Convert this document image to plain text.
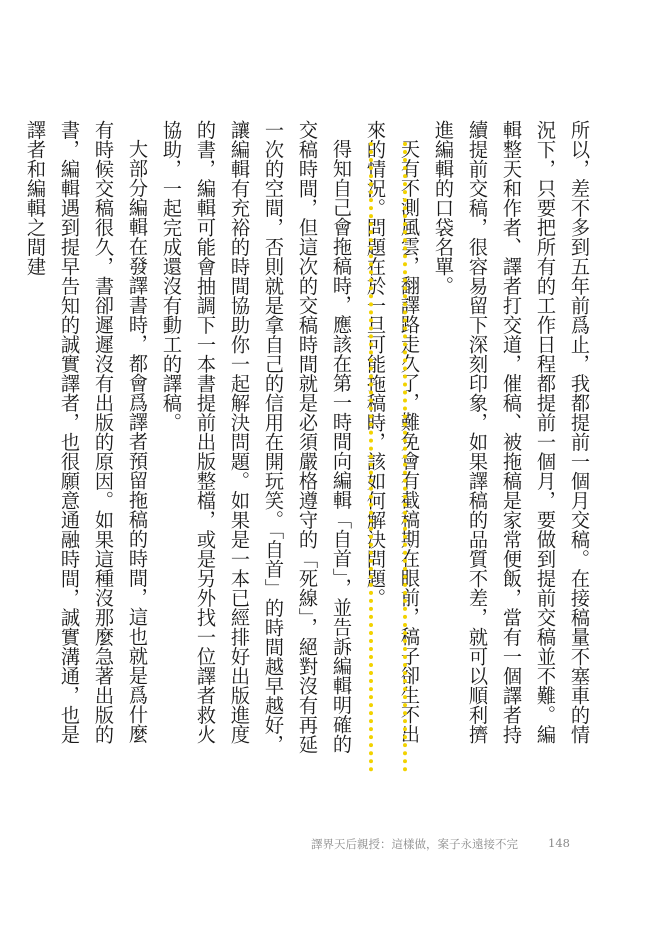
所以，差不多到五年前爲止，我都提前一個月交稿。在接稿量不塞車的情況下，只要把所有的工作日程都提前一個月，要做到提前交稿並不難。編輯整天和作者、譯者打交道，催稿、被拖稿是家常便飯，當有一個譯者持續提前交稿，很容易留下深刻印象，如果譯稿的品質不差，就可以順利擠進編輯的口袋名單。

天有不測風雲，翻譯路走久了，難免會有截稿期在眼前，稿子卻生不出來的情況。問題在於一旦可能拖稿時，該如何解決問題。

得知自己會拖稿時，應該在第一時間向編輯「自首」，並告訴編輯明確的交稿時間，但這次的交稿時間就是必須嚴格遵守的「死線」，絕對沒有再延一次的空間，否則就是拿自己的信用在開玩笑。「自首」的時間越早越好，讓編輯有充裕的時間協助你一起解決問題。如果是一本已經排好出版進度的書，編輯可能會抽調下一本書提前出版整檔，或是另外找一位譯者救火協助，一起完成還沒有動工的譯稿。

大部分編輯在發譯書時，都會爲譯者預留拖稿的時間，這也就是爲什麼有時候交稿很久，書卻遲遲沒有出版的原因。如果這種沒那麼急著出版的書，編輯遇到提早告知的誠實譯者，也很願意通融時間，誠實溝通，也是譯者和編輯之間建

譯界天后親授：這樣做，案子永遠接不完	148
